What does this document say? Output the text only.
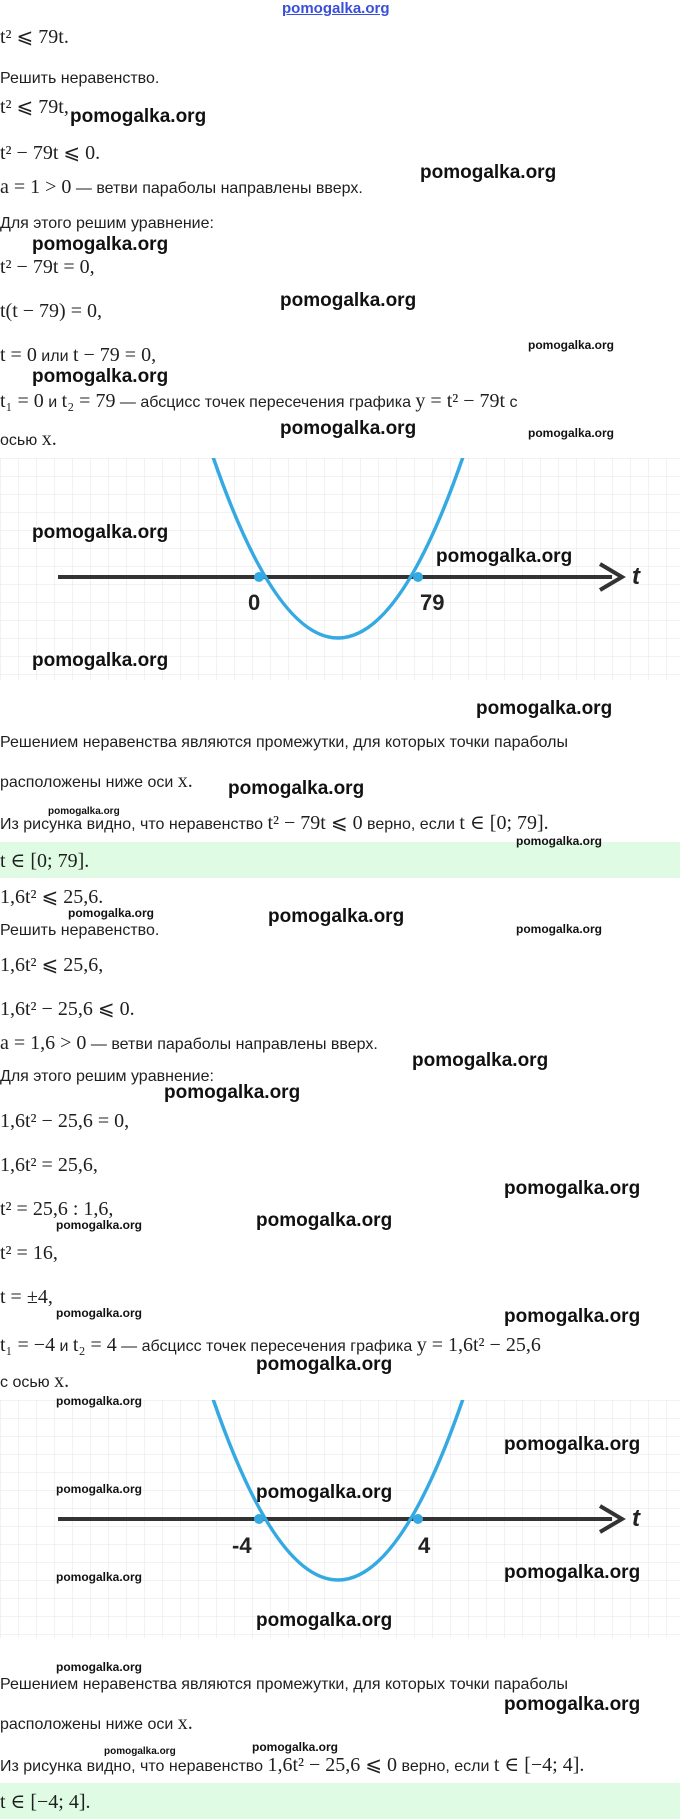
pomogalka.org
t² ⩽ 79t.
Решить неравенство.
t² ⩽ 79t,
t² − 79t ⩽ 0.
a = 1 > 0 — ветви параболы направлены вверх.
Для этого решим уравнение:
t² − 79t = 0,
t(t − 79) = 0,
t = 0 или t − 79 = 0,
t₁ = 0 и t₂ = 79 — абсцисс точек пересечения графика y = t² − 79t с
осью x.
0	79
t
Решением неравенства являются промежутки, для которых точки параболы
расположены ниже оси x.
Из рисунка видно, что неравенство t² − 79t ⩽ 0 верно, если t ∈ [0; 79].
t ∈ [0; 79].
1,6t² ⩽ 25,6.
Решить неравенство.
1,6t² ⩽ 25,6,
1,6t² − 25,6 ⩽ 0.
a = 1,6 > 0 — ветви параболы направлены вверх.
Для этого решим уравнение:
1,6t² − 25,6 = 0,
1,6t² = 25,6,
t² = 25,6 : 1,6,
t² = 16,
t = ±4,
t₁ = −4 и t₂ = 4 — абсцисс точек пересечения графика y = 1,6t² − 25,6
с осью x.
-4	4
t
Решением неравенства являются промежутки, для которых точки параболы
расположены ниже оси x.
Из рисунка видно, что неравенство 1,6t² − 25,6 ⩽ 0 верно, если t ∈ [−4; 4].
t ∈ [−4; 4].
pomogalka.org
pomogalka.org
pomogalka.org
pomogalka.org
pomogalka.org
pomogalka.org
pomogalka.org	pomogalka.org
pomogalka.org
pomogalka.org
pomogalka.org
pomogalka.org
pomogalka.org
pomogalka.org
pomogalka.org
pomogalka.org	pomogalka.org
pomogalka.org
pomogalka.org
pomogalka.org
pomogalka.org
pomogalka.org
pomogalka.org
pomogalka.org	pomogalka.org
pomogalka.org
pomogalka.org
pomogalka.org
pomogalka.org	pomogalka.org
pomogalka.org
pomogalka.org
pomogalka.org
pomogalka.org
pomogalka.org
pomogalka.org
pomogalka.org
